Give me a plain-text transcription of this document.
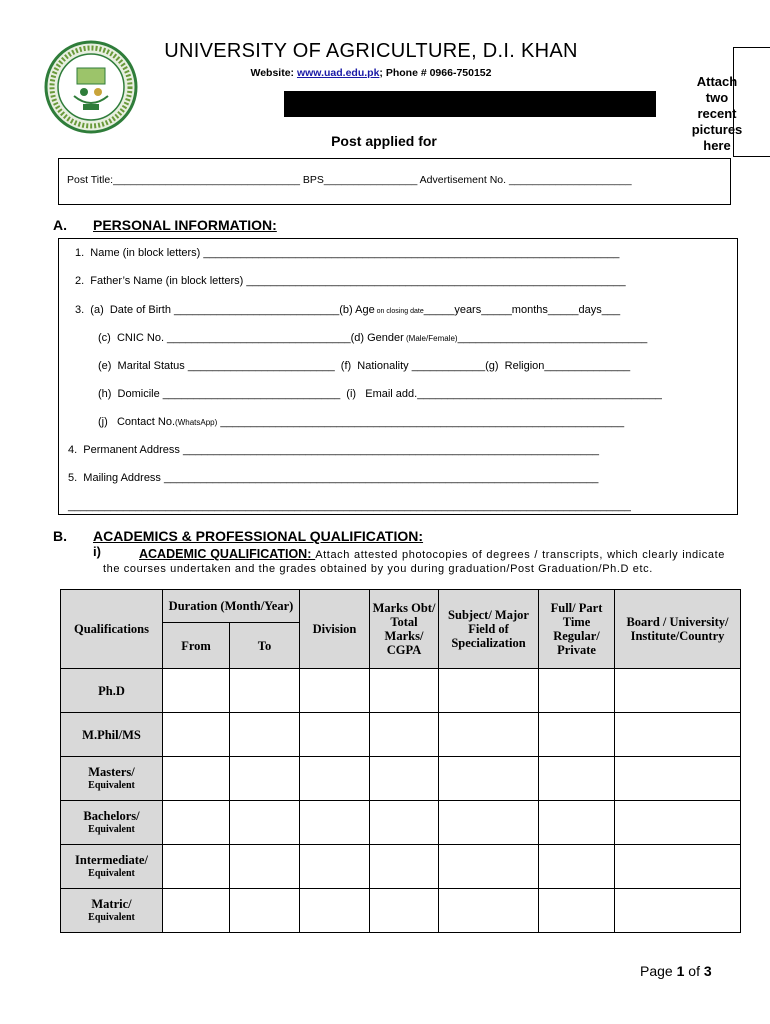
UNIVERSITY OF AGRICULTURE, D.I. KHAN
Website: www.uad.edu.pk; Phone # 0966-750152
Post applied for
Attach
two
recent
pictures
here
Post Title:________________________________ BPS________________ Advertisement No. _____________________
A. PERSONAL INFORMATION:
1.  Name (in block letters) ____________________________________________________________________
2.  Father’s Name (in block letters) ______________________________________________________________
3.  (a)  Date of Birth ___________________________(b) Age on closing date_____years_____months_____days___
(c)  CNIC No. ______________________________(d) Gender (Male/Female)_______________________________
(e)  Marital Status ________________________  (f)  Nationality ____________(g)  Religion______________
(h)  Domicile _____________________________  (i)   Email add.________________________________________
(j)   Contact No.(WhatsApp) __________________________________________________________________
4.  Permanent Address ____________________________________________________________________
5.  Mailing Address _______________________________________________________________________
____________________________________________________________________________________________
B. ACADEMICS & PROFESSIONAL QUALIFICATION:
i)	ACADEMIC QUALIFICATION: Attach attested photocopies of degrees / transcripts, which clearly indicate the courses undertaken and the grades obtained by you during graduation/Post Graduation/Ph.D etc.
Qualifications	Duration (Month/Year)		Division	Marks Obt/ Total Marks/ CGPA	Subject/ Major Field of Specialization	Full/ Part Time Regular/ Private	Board / University/ Institute/Country
	From	To					
Ph.D							
M.Phil/MS							
Masters/
Equivalent							

Bachelors/
Equivalent							

Intermediate/
Equivalent							

Matric/
Equivalent							

Page 1 of 3
